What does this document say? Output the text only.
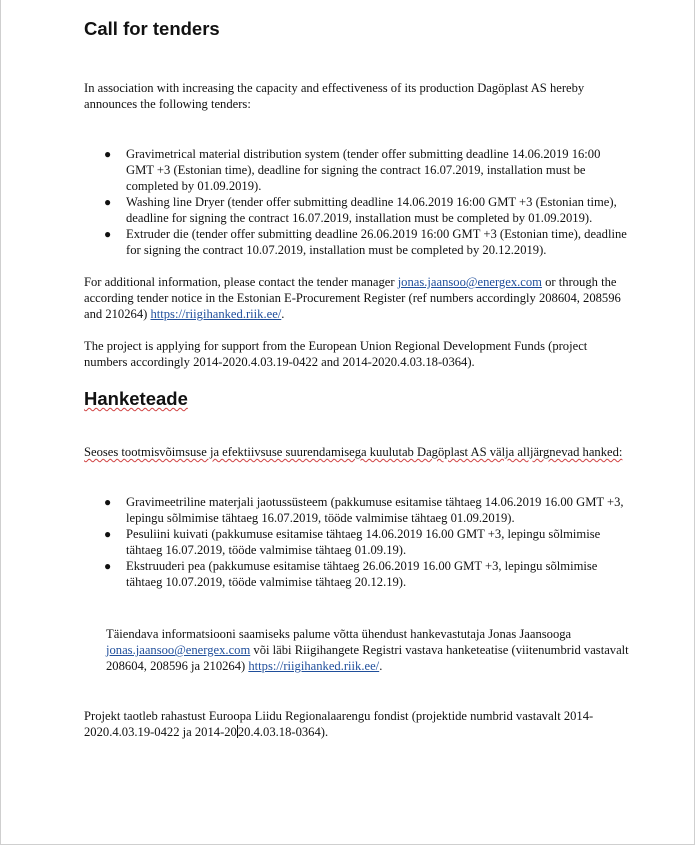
Call for tenders

In association with increasing the capacity and effectiveness of its production Dagöplast AS hereby announces the following tenders:

● Gravimetrical material distribution system (tender offer submitting deadline 14.06.2019 16:00 GMT +3 (Estonian time), deadline for signing the contract 16.07.2019, installation must be completed by 01.09.2019).
● Washing line Dryer (tender offer submitting deadline 14.06.2019 16:00 GMT +3 (Estonian time), deadline for signing the contract 16.07.2019, installation must be completed by 01.09.2019).
● Extruder die (tender offer submitting deadline 26.06.2019 16:00 GMT +3 (Estonian time), deadline for signing the contract 10.07.2019, installation must be completed by 20.12.2019).

For additional information, please contact the tender manager jonas.jaansoo@energex.com or through the according tender notice in the Estonian E-Procurement Register (ref numbers accordingly 208604, 208596 and 210264) https://riigihanked.riik.ee/.

The project is applying for support from the European Union Regional Development Funds (project numbers accordingly 2014-2020.4.03.19-0422 and 2014-2020.4.03.18-0364).

Hanketeade

Seoses tootmisvõimsuse ja efektiivsuse suurendamisega kuulutab Dagöplast AS välja alljärgnevad hanked:

● Gravimeetriline materjali jaotussüsteem (pakkumuse esitamise tähtaeg 14.06.2019 16.00 GMT +3, lepingu sõlmimise tähtaeg 16.07.2019, tööde valmimise tähtaeg 01.09.2019).
● Pesuliini kuivati (pakkumuse esitamise tähtaeg 14.06.2019 16.00 GMT +3, lepingu sõlmimise tähtaeg 16.07.2019, tööde valmimise tähtaeg 01.09.19).
● Ekstruuderi pea (pakkumuse esitamise tähtaeg 26.06.2019 16.00 GMT +3, lepingu sõlmimise tähtaeg 10.07.2019, tööde valmimise tähtaeg 20.12.19).

Täiendava informatsiooni saamiseks palume võtta ühendust hankevastutaja Jonas Jaansooga jonas.jaansoo@energex.com või läbi Riigihangete Registri vastava hanketeatise (viitenumbrid vastavalt 208604, 208596 ja 210264) https://riigihanked.riik.ee/.

Projekt taotleb rahastust Euroopa Liidu Regionalaarengu fondist (projektide numbrid vastavalt 2014-2020.4.03.19-0422 ja 2014-2020.4.03.18-0364).
